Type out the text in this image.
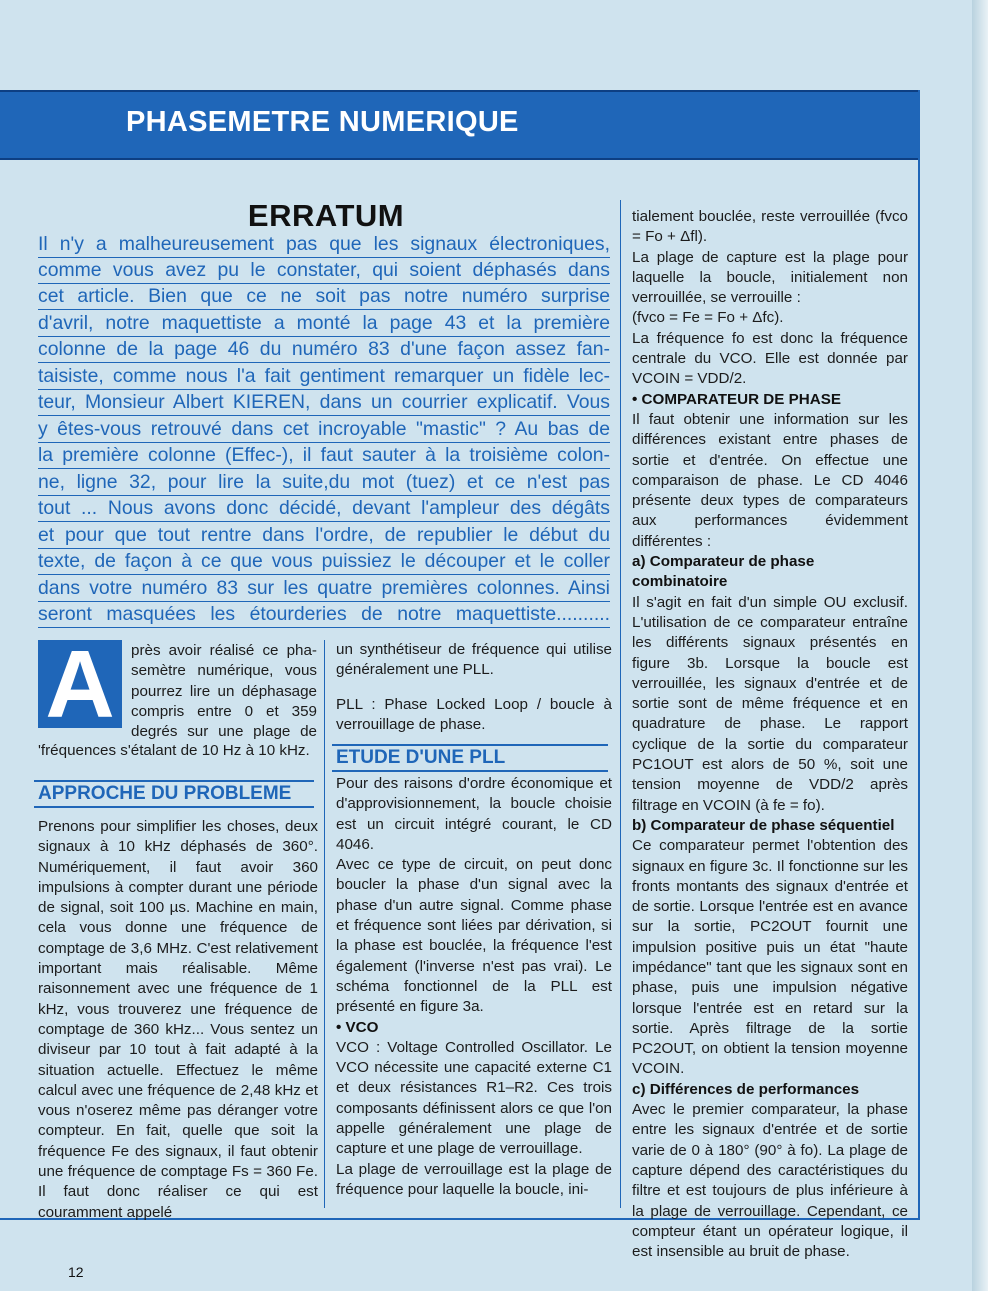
PHASEMETRE NUMERIQUE
ERRATUM
Il n'y a malheureusement pas que les signaux électroniques,
comme vous avez pu le constater, qui soient déphasés dans
cet article. Bien que ce ne soit pas notre numéro surprise
d'avril, notre maquettiste a monté la page 43 et la première
colonne de la page 46 du numéro 83 d'une façon assez fan-
taisiste, comme nous l'a fait gentiment remarquer un fidèle lec-
teur, Monsieur Albert KIEREN, dans un courrier explicatif. Vous
y êtes-vous retrouvé dans cet incroyable "mastic" ? Au bas de
la première colonne (Effec-), il faut sauter à la troisième colon-
ne, ligne 32, pour lire la suite,du mot (tuez) et ce n'est pas
tout ... Nous avons donc décidé, devant l'ampleur des dégâts
et pour que tout rentre dans l'ordre, de republier le début du
texte, de façon à ce que vous puissiez le découper et le coller
dans votre numéro 83 sur les quatre premières colonnes. Ainsi
seront masquées les étourderies de notre maquettiste..........
A	près avoir réalisé ce pha-

semètre numérique, vous

pourrez lire un déphasage

compris entre 0 et 359

degrés sur une plage de

'fréquences s'étalant de 10 Hz à 10 kHz.

APPROCHE DU PROBLEME

Prenons pour simplifier les choses, deux signaux à 10 kHz déphasés de 360°. Numériquement, il faut avoir 360 impulsions à compter durant une période de signal, soit 100 µs. Machine en main, cela vous donne une fréquence de comptage de 3,6 MHz. C'est relativement important mais réalisable. Même raisonnement avec une fréquence de 1 kHz, vous trouverez une fréquence de comptage de 360 kHz... Vous sentez un diviseur par 10 tout à fait adapté à la situation actuelle. Effectuez le même calcul avec une fréquence de 2,48 kHz et vous n'oserez même pas déranger votre compteur. En fait, quelle que soit la fréquence Fe des signaux, il faut obtenir une fréquence de comptage Fs = 360 Fe. Il faut donc réaliser ce qui est couramment appelé

un synthétiseur de fréquence qui utilise généralement une PLL.

PLL : Phase Locked Loop / boucle à verrouillage de phase.

ETUDE D'UNE PLL

Pour des raisons d'ordre économique et d'approvisionnement, la boucle choisie est un circuit intégré courant, le CD 4046.

Avec ce type de circuit, on peut donc boucler la phase d'un signal avec la phase d'un autre signal. Comme phase et fréquence sont liées par dérivation, si la phase est bouclée, la fréquence l'est également (l'inverse n'est pas vrai). Le schéma fonctionnel de la PLL est présenté en figure 3a.

• VCO

VCO : Voltage Controlled Oscillator. Le VCO nécessite une capacité externe C1 et deux résistances R1–R2. Ces trois composants définissent alors ce que l'on appelle généralement une plage de capture et une plage de verrouillage.

La plage de verrouillage est la plage de fréquence pour laquelle la boucle, ini-

tialement bouclée, reste verrouillée (fvco = Fo + Δfl).

La plage de capture est la plage pour laquelle la boucle, initialement non verrouillée, se verrouille :

(fvco = Fe = Fo + Δfc).

La fréquence fo est donc la fréquence centrale du VCO. Elle est donnée par VCOIN = VDD/2.

• COMPARATEUR DE PHASE

Il faut obtenir une information sur les différences existant entre phases de sortie et d'entrée. On effectue une comparaison de phase. Le CD 4046 présente deux types de comparateurs aux performances évidemment différentes :

a) Comparateur de phase combinatoire

Il s'agit en fait d'un simple OU exclusif. L'utilisation de ce comparateur entraîne les différents signaux présentés en figure 3b. Lorsque la boucle est verrouillée, les signaux d'entrée et de sortie sont de même fréquence et en quadrature de phase. Le rapport cyclique de la sortie du comparateur PC1OUT est alors de 50 %, soit une tension moyenne de VDD/2 après filtrage en VCOIN (à fe = fo).

b) Comparateur de phase séquentiel

Ce comparateur permet l'obtention des signaux en figure 3c. Il fonctionne sur les fronts montants des signaux d'entrée et de sortie. Lorsque l'entrée est en avance sur la sortie, PC2OUT fournit une impulsion positive puis un état "haute impédance" tant que les signaux sont en phase, puis une impulsion négative lorsque l'entrée est en retard sur la sortie. Après filtrage de la sortie PC2OUT, on obtient la tension moyenne VCOIN.

c) Différences de performances

Avec le premier comparateur, la phase entre les signaux d'entrée et de sortie varie de 0 à 180° (90° à fo). La plage de capture dépend des caractéristiques du filtre et est toujours de plus inférieure à la plage de verrouillage. Cependant, ce compteur étant un opérateur logique, il est insensible au bruit de phase.

12
